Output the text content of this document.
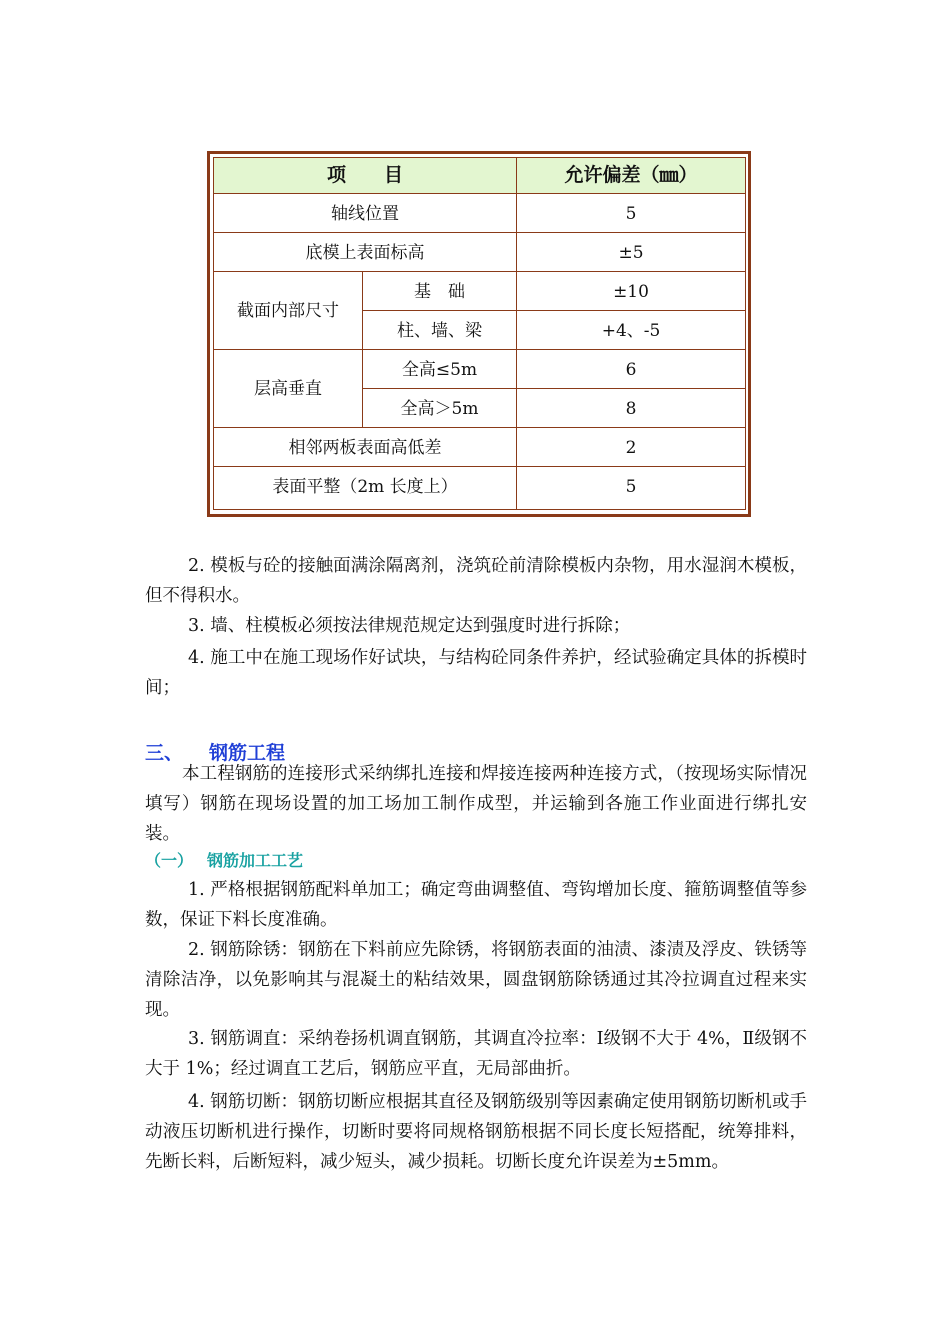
项　　目		允许偏差（㎜）
轴线位置		5
底模上表面标高		±5
截面内部尺寸	基　础	±10
	柱、墙、梁	+4、-5
层高垂直	全高≤5m	6
	全高＞5m	8
相邻两板表面高低差		2
表面平整（2m 长度上）		5

2. 模板与砼的接触面满涂隔离剂，浇筑砼前清除模板内杂物，用水湿润木模板，但不得积水。

3. 墙、柱模板必须按法律规范规定达到强度时进行拆除；

4. 施工中在施工现场作好试块，与结构砼同条件养护，经试验确定具体的拆模时间；

三、 钢筋工程

本工程钢筋的连接形式采纳绑扎连接和焊接连接两种连接方式，（按现场实际情况填写）钢筋在现场设置的加工场加工制作成型，并运输到各施工作业面进行绑扎安装。

（一） 钢筋加工工艺

1. 严格根据钢筋配料单加工；确定弯曲调整值、弯钩增加长度、箍筋调整值等参数，保证下料长度准确。

2. 钢筋除锈：钢筋在下料前应先除锈，将钢筋表面的油渍、漆渍及浮皮、铁锈等清除洁净，以免影响其与混凝土的粘结效果，圆盘钢筋除锈通过其冷拉调直过程来实现。

3. 钢筋调直：采纳卷扬机调直钢筋，其调直冷拉率：Ⅰ级钢不大于 4%，Ⅱ级钢不大于 1%；经过调直工艺后，钢筋应平直，无局部曲折。

4. 钢筋切断：钢筋切断应根据其直径及钢筋级别等因素确定使用钢筋切断机或手动液压切断机进行操作，切断时要将同规格钢筋根据不同长度长短搭配，统筹排料，先断长料，后断短料，减少短头，减少损耗。切断长度允许误差为±5mm。
